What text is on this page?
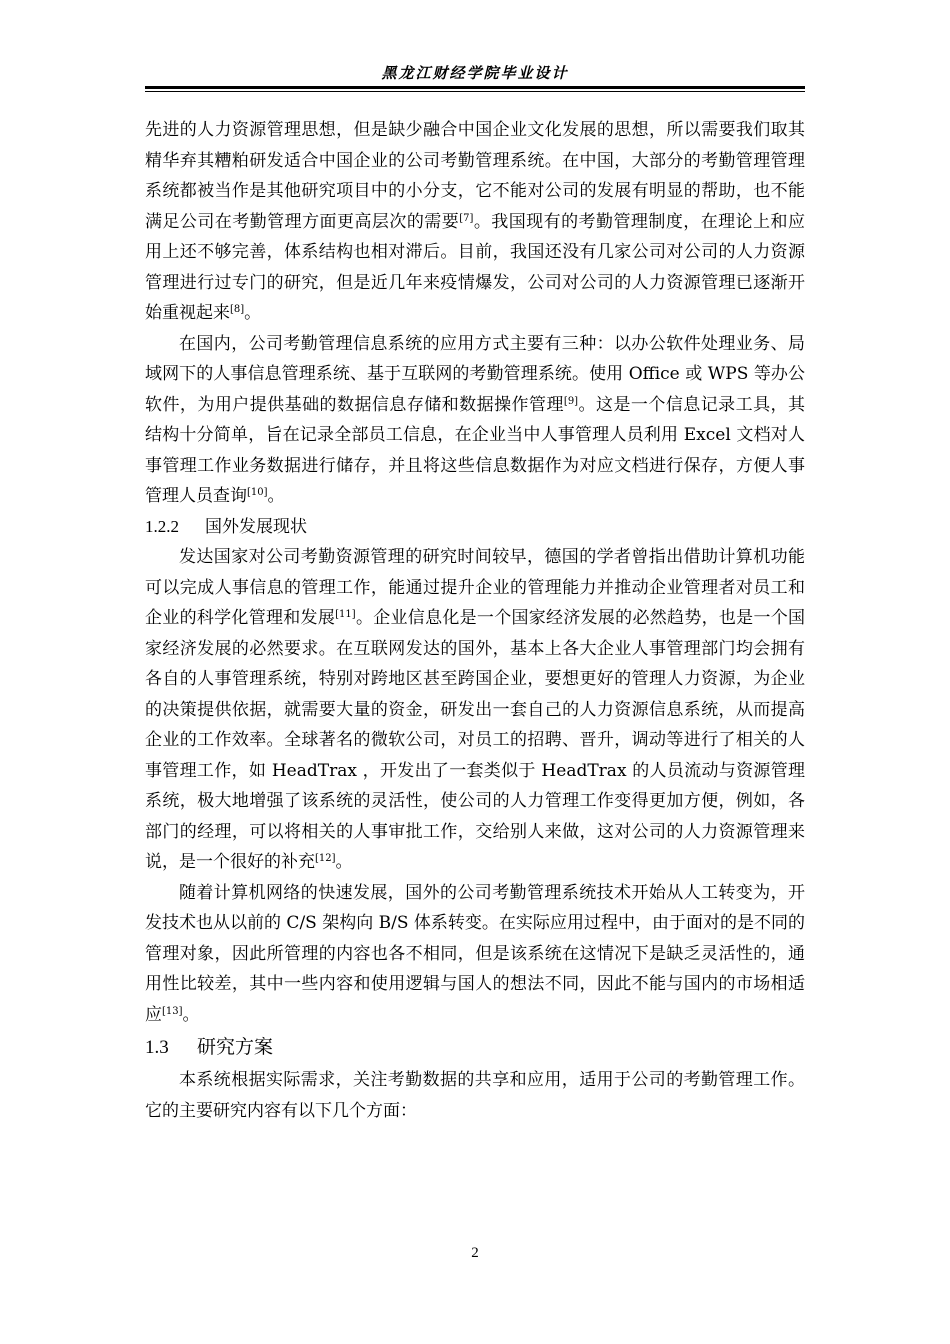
黑龙江财经学院毕业设计

先进的人力资源管理思想，但是缺少融合中国企业文化发展的思想，所以需要我们取其精华弃其糟粕研发适合中国企业的公司考勤管理系统。在中国，大部分的考勤管理管理系统都被当作是其他研究项目中的小分支，它不能对公司的发展有明显的帮助，也不能满足公司在考勤管理方面更高层次的需要[7]。我国现有的考勤管理制度，在理论上和应用上还不够完善，体系结构也相对滞后。目前，我国还没有几家公司对公司的人力资源管理进行过专门的研究，但是近几年来疫情爆发，公司对公司的人力资源管理已逐渐开始重视起来[8]。

在国内，公司考勤管理信息系统的应用方式主要有三种：以办公软件处理业务、局域网下的人事信息管理系统、基于互联网的考勤管理系统。使用 Office 或 WPS 等办公软件，为用户提供基础的数据信息存储和数据操作管理[9]。这是一个信息记录工具，其结构十分简单，旨在记录全部员工信息，在企业当中人事管理人员利用 Excel 文档对人事管理工作业务数据进行储存，并且将这些信息数据作为对应文档进行保存，方便人事管理人员查询[10]。

1.2.2 国外发展现状

发达国家对公司考勤资源管理的研究时间较早，德国的学者曾指出借助计算机功能可以完成人事信息的管理工作，能通过提升企业的管理能力并推动企业管理者对员工和企业的科学化管理和发展[11]。企业信息化是一个国家经济发展的必然趋势，也是一个国家经济发展的必然要求。在互联网发达的国外，基本上各大企业人事管理部门均会拥有各自的人事管理系统，特别对跨地区甚至跨国企业，要想更好的管理人力资源，为企业的决策提供依据，就需要大量的资金，研发出一套自己的人力资源信息系统，从而提高企业的工作效率。全球著名的微软公司，对员工的招聘、晋升，调动等进行了相关的人事管理工作，如 HeadTrax ，开发出了一套类似于 HeadTrax 的人员流动与资源管理系统，极大地增强了该系统的灵活性，使公司的人力管理工作变得更加方便，例如，各部门的经理，可以将相关的人事审批工作，交给别人来做，这对公司的人力资源管理来说，是一个很好的补充[12]。

随着计算机网络的快速发展，国外的公司考勤管理系统技术开始从人工转变为，开发技术也从以前的 C/S 架构向 B/S 体系转变。在实际应用过程中，由于面对的是不同的管理对象，因此所管理的内容也各不相同，但是该系统在这情况下是缺乏灵活性的，通用性比较差，其中一些内容和使用逻辑与国人的想法不同，因此不能与国内的市场相适应[13]。

1.3 研究方案

本系统根据实际需求，关注考勤数据的共享和应用，适用于公司的考勤管理工作。它的主要研究内容有以下几个方面：

2
